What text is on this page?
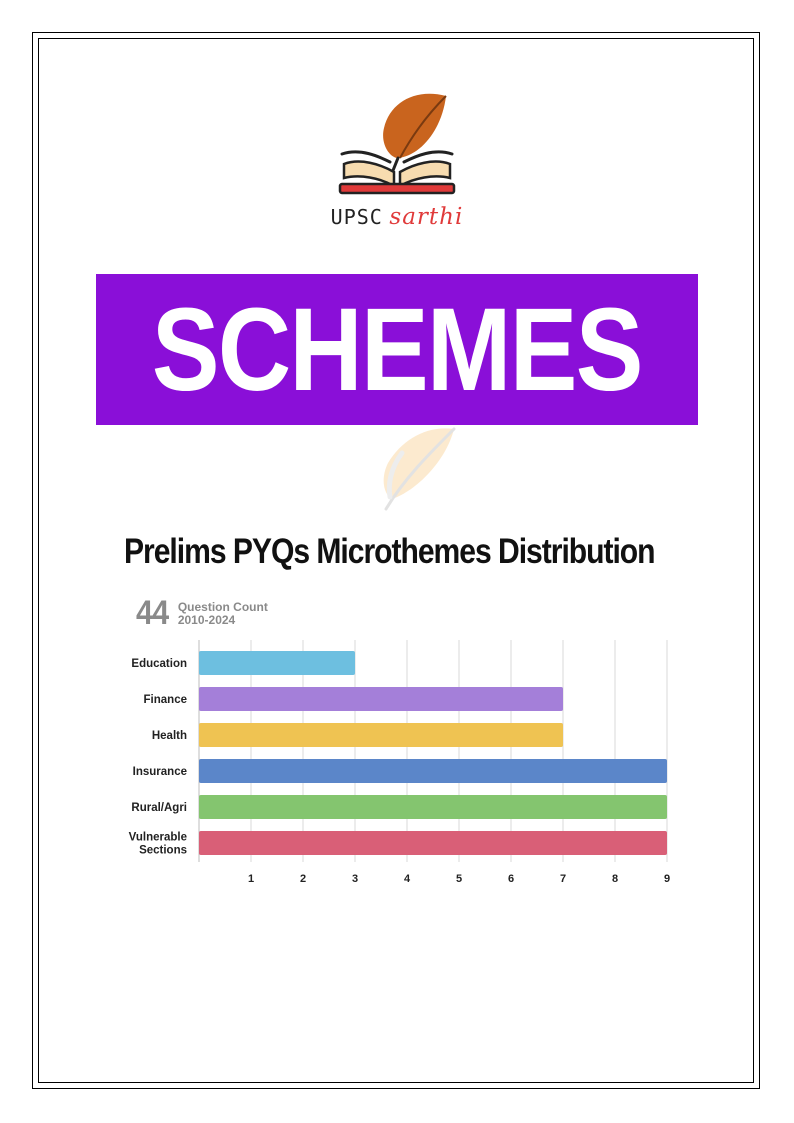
UPSC sarthi
SCHEMES
Prelims PYQs Microthemes Distribution
44 Question Count
2010-2024
Education
Finance
Health
Insurance
Rural/Agri
Vulnerable Sections
1	2	3	4	5	6	7	8	9
